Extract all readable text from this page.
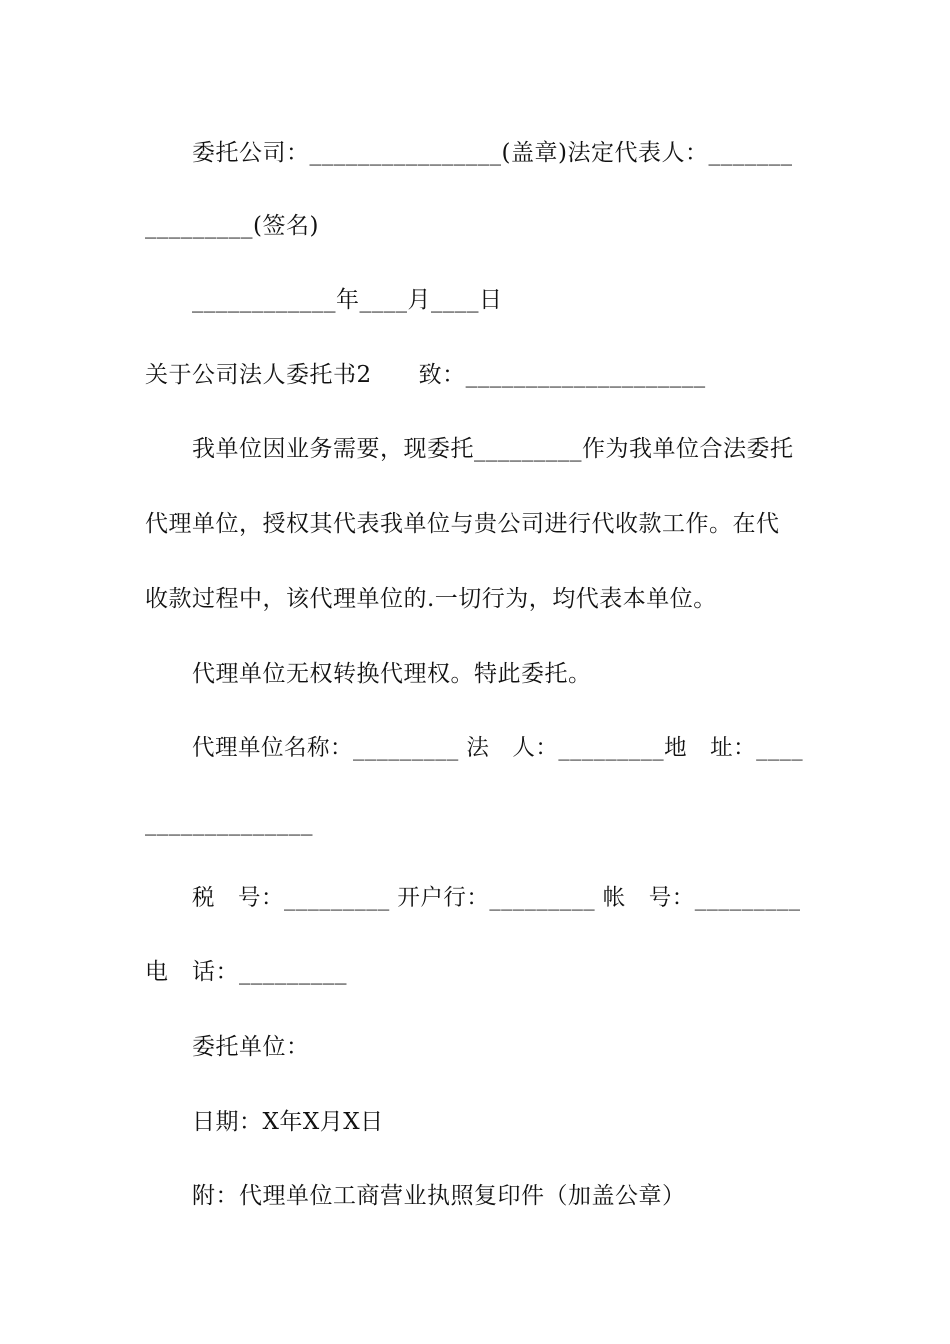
委托公司：________________(盖章)法定代表人：_______
_________(签名)
____________年____月____日
关于公司法人委托书2　　致：____________________
我单位因业务需要，现委托_________作为我单位合法委托
代理单位，授权其代表我单位与贵公司进行代收款工作。在代
收款过程中，该代理单位的.一切行为，均代表本单位。
代理单位无权转换代理权。特此委托。
代理单位名称：_________ 法　人：_________地　址：____
______________
税　号：_________ 开户行：_________ 帐　号：_________
电　话：_________
委托单位：
日期：X年X月X日
附：代理单位工商营业执照复印件（加盖公章）
